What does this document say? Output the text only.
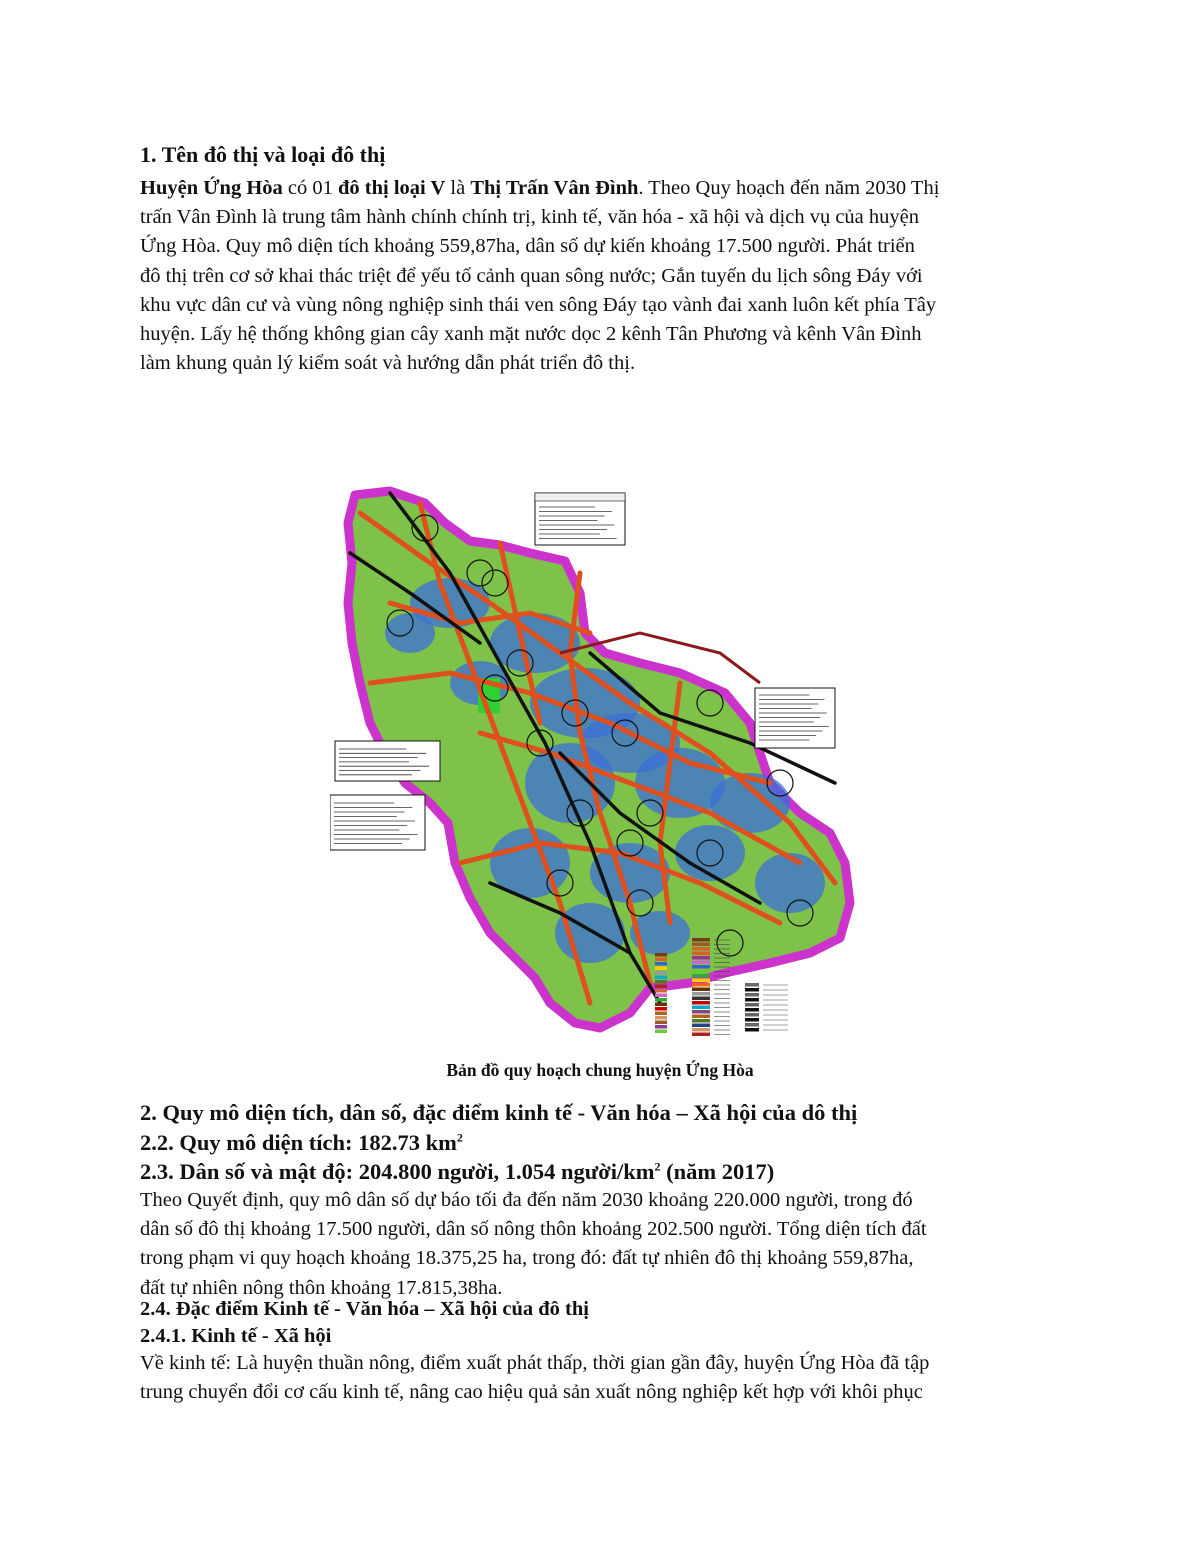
1. Tên đô thị và loại đô thị
Huyện Ứng Hòa có 01 đô thị loại V là Thị Trấn Vân Đình. Theo Quy hoạch đến năm 2030 Thị
trấn Vân Đình là trung tâm hành chính chính trị, kinh tế, văn hóa - xã hội và dịch vụ của huyện
Ứng Hòa. Quy mô diện tích khoảng 559,87ha, dân số dự kiến khoảng 17.500 người. Phát triển
đô thị trên cơ sở khai thác triệt để yếu tố cảnh quan sông nước; Gắn tuyến du lịch sông Đáy với
khu vực dân cư và vùng nông nghiệp sinh thái ven sông Đáy tạo vành đai xanh luôn kết phía Tây
huyện. Lấy hệ thống không gian cây xanh mặt nước dọc 2 kênh Tân Phương và kênh Vân Đình
làm khung quản lý kiểm soát và hướng dẫn phát triển đô thị.

Bản đồ quy hoạch chung huyện Ứng Hòa

2. Quy mô diện tích, dân số, đặc điểm kinh tế - Văn hóa – Xã hội của dô thị
2.2. Quy mô diện tích: 182.73 $km^2$
2.3. Dân số và mật độ: 204.800 người, 1.054 người/$km^2$ (năm 2017)
Theo Quyết định, quy mô dân số dự báo tối đa đến năm 2030 khoảng 220.000 người, trong đó
dân số đô thị khoảng 17.500 người, dân số nông thôn khoảng 202.500 người. Tổng diện tích đất
trong phạm vi quy hoạch khoảng 18.375,25 ha, trong đó: đất tự nhiên đô thị khoảng 559,87ha,
đất tự nhiên nông thôn khoảng 17.815,38ha.
2.4. Đặc điểm Kinh tế - Văn hóa – Xã hội của đô thị
2.4.1. Kinh tế - Xã hội
Về kinh tế: Là huyện thuần nông, điểm xuất phát thấp, thời gian gần đây, huyện Ứng Hòa đã tập
trung chuyển đổi cơ cấu kinh tế, nâng cao hiệu quả sản xuất nông nghiệp kết hợp với khôi phục
